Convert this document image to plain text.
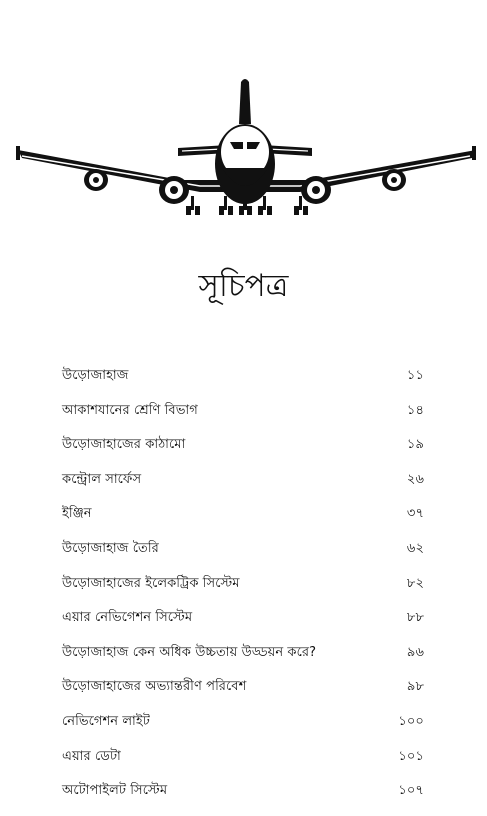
সূচিপত্র
উড়োজাহাজ	১১
আকাশযানের শ্রেণি বিভাগ	১৪
উড়োজাহাজের কাঠামো	১৯
কন্ট্রোল সার্ফেস	২৬
ইঞ্জিন	৩৭
উড়োজাহাজ তৈরি	৬২
উড়োজাহাজের ইলেকট্রিক সিস্টেম	৮২
এয়ার নেভিগেশন সিস্টেম	৮৮
উড়োজাহাজ কেন অধিক উচ্চতায় উড্ডয়ন করে?	৯৬
উড়োজাহাজের অভ্যান্তরীণ পরিবেশ	৯৮
নেভিগেশন লাইট	১০০
এয়ার ডেটা	১০১
অটোপাইলট সিস্টেম	১০৭
